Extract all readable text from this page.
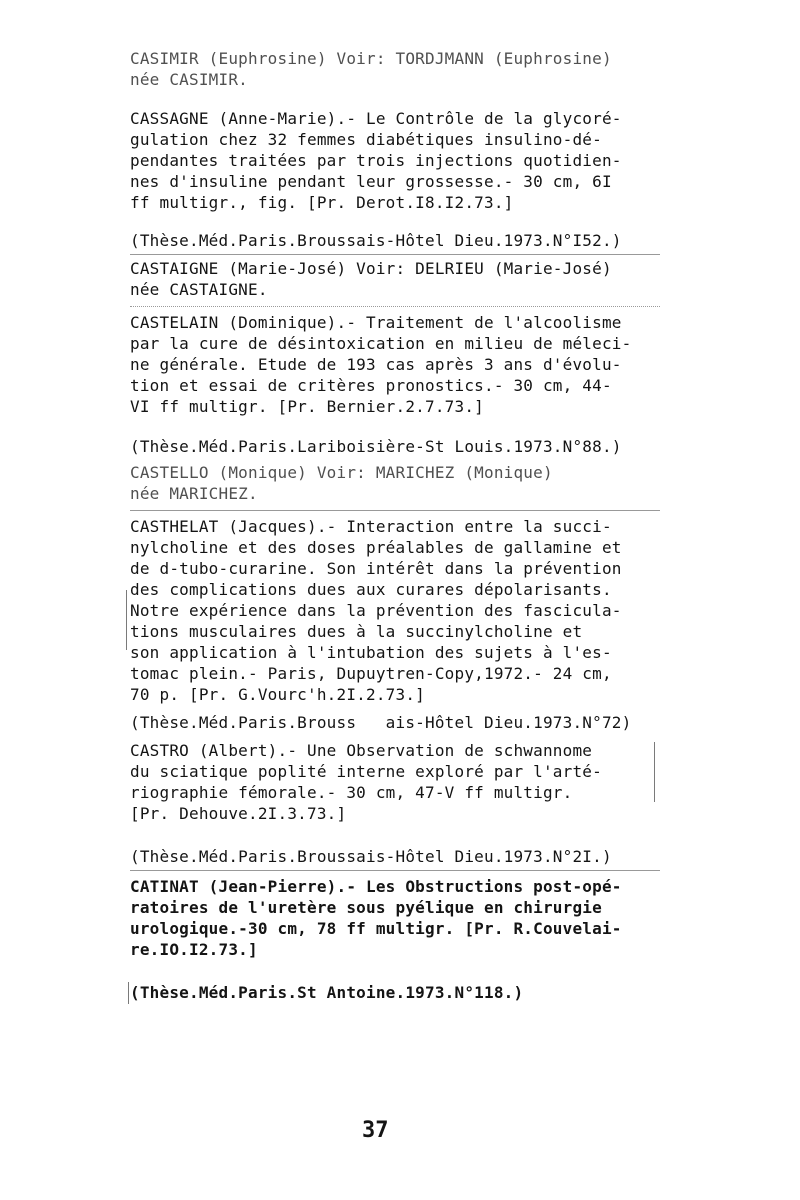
CASIMIR (Euphrosine) Voir: TORDJMANN (Euphrosine)
née CASIMIR.
CASSAGNE (Anne-Marie).- Le Contrôle de la glycoré-
gulation chez 32 femmes diabétiques insulino-dé-
pendantes traitées par trois injections quotidien-
nes d'insuline pendant leur grossesse.- 30 cm, 6I
ff multigr., fig. [Pr. Derot.I8.I2.73.]
(Thèse.Méd.Paris.Broussais-Hôtel Dieu.1973.N°I52.)
CASTAIGNE (Marie-José) Voir: DELRIEU (Marie-José)
née CASTAIGNE.
CASTELAIN (Dominique).- Traitement de l'alcoolisme
par la cure de désintoxication en milieu de méleci-
ne générale. Etude de 193 cas après 3 ans d'évolu-
tion et essai de critères pronostics.- 30 cm, 44-
VI ff multigr. [Pr. Bernier.2.7.73.]
(Thèse.Méd.Paris.Lariboisière-St Louis.1973.N°88.)
CASTELLO (Monique) Voir: MARICHEZ (Monique)
née MARICHEZ.
CASTHELAT (Jacques).- Interaction entre la succi-
nylcholine et des doses préalables de gallamine et
de d-tubo-curarine. Son intérêt dans la prévention
des complications dues aux curares dépolarisants.
Notre expérience dans la prévention des fascicula-
tions musculaires dues à la succinylcholine et
son application à l'intubation des sujets à l'es-
tomac plein.- Paris, Dupuytren-Copy,1972.- 24 cm,
70 p. [Pr. G.Vourc'h.2I.2.73.]
(Thèse.Méd.Paris.Brouss   ais-Hôtel Dieu.1973.N°72)
CASTRO (Albert).- Une Observation de schwannome
du sciatique poplité interne exploré par l'arté-
riographie fémorale.- 30 cm, 47-V ff multigr.
[Pr. Dehouve.2I.3.73.]
(Thèse.Méd.Paris.Broussais-Hôtel Dieu.1973.N°2I.)
CATINAT (Jean-Pierre).- Les Obstructions post-opé-
ratoires de l'uretère sous pyélique en chirurgie
urologique.-30 cm, 78 ff multigr. [Pr. R.Couvelai-
re.IO.I2.73.]
(Thèse.Méd.Paris.St Antoine.1973.N°118.)
37
